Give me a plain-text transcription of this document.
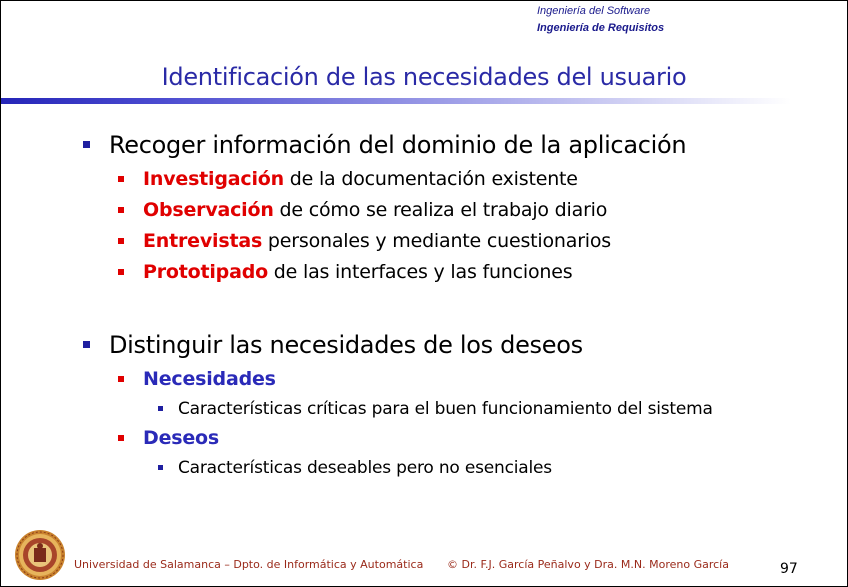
Ingeniería del Software
Ingeniería de Requisitos
Identificación de las necesidades del usuario
Recoger información del dominio de la aplicación
Investigación de la documentación existente
Observación de cómo se realiza el trabajo diario
Entrevistas personales y mediante cuestionarios
Prototipado de las interfaces y las funciones
Distinguir las necesidades de los deseos
Necesidades
Características críticas para el buen funcionamiento del sistema
Deseos
Características deseables pero no esenciales
Universidad de Salamanca – Dpto. de Informática y Automática © Dr. F.J. García Peñalvo y Dra. M.N. Moreno García	97
